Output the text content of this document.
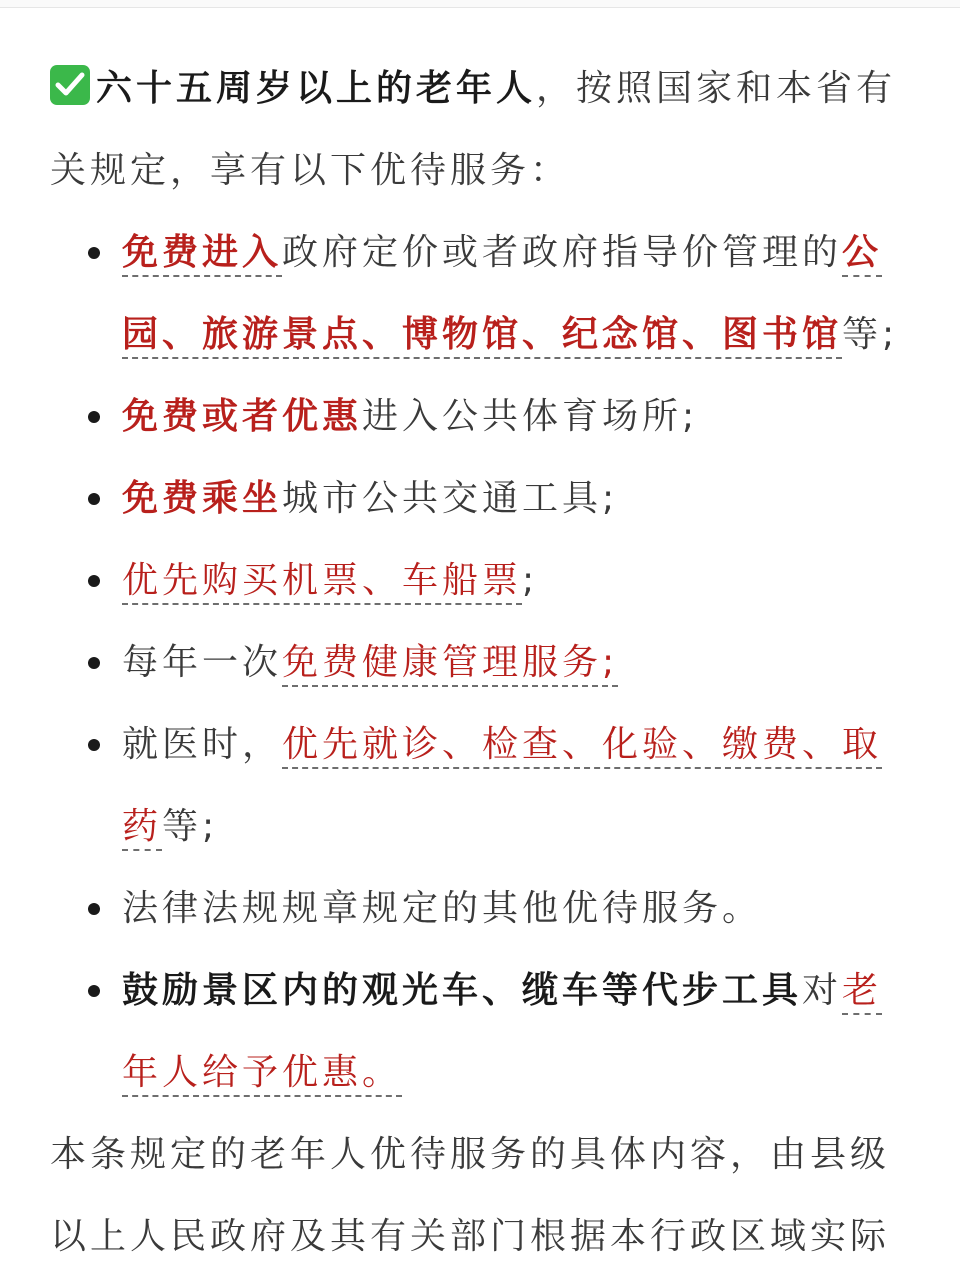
六十五周岁以上的老年人，按照国家和本省有关规定，享有以下优待服务：

免费进入政府定价或者政府指导价管理的公园、旅游景点、博物馆、纪念馆、图书馆等;
免费或者优惠进入公共体育场所;
免费乘坐城市公共交通工具;
优先购买机票、车船票;
每年一次免费健康管理服务;
就医时，优先就诊、检查、化验、缴费、取药等;
法律法规规章规定的其他优待服务。
鼓励景区内的观光车、缆车等代步工具对老年人给予优惠。

本条规定的老年人优待服务的具体内容，由县级以上人民政府及其有关部门根据本行政区域实际
